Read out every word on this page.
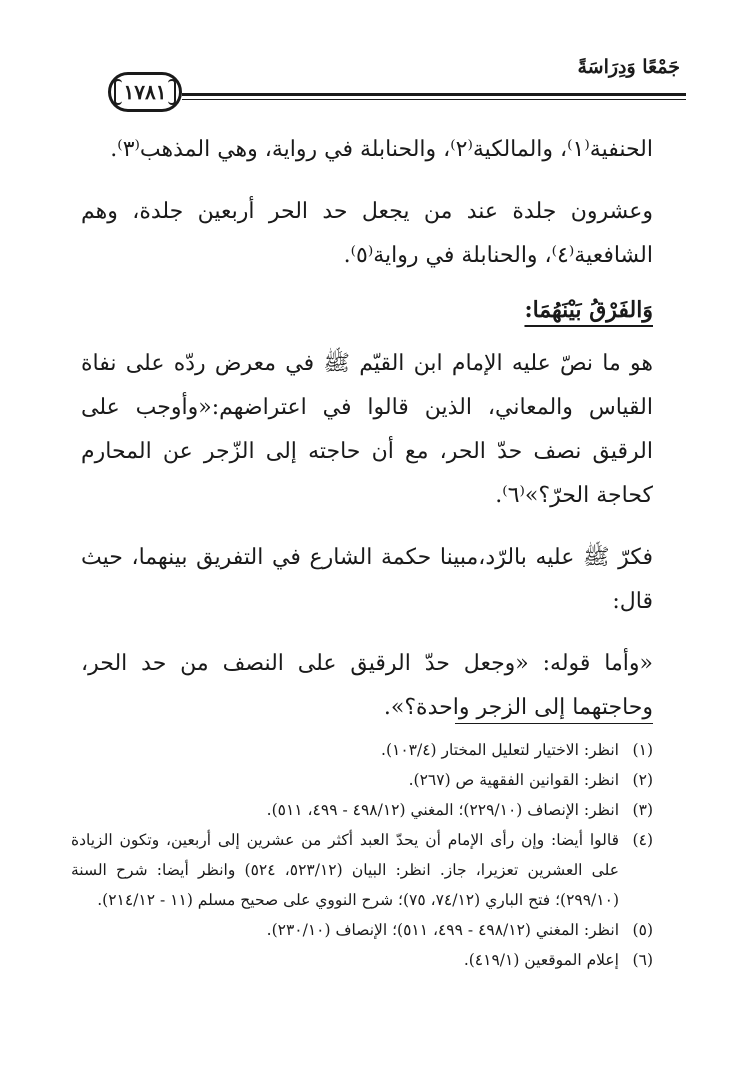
جَمْعًا وَدِرَاسَةً
١٧٨١

الحنفية⁽١⁾، والمالكية⁽٢⁾، والحنابلة في رواية، وهي المذهب⁽٣⁾.

وعشرون جلدة عند من يجعل حد الحر أربعين جلدة، وهم الشافعية⁽٤⁾، والحنابلة في رواية⁽٥⁾.

وَالفَرْقُ بَيْنَهُمَا:

هو ما نصّ عليه الإمام ابن القيّم ﷺ في معرض ردّه على نفاة القياس والمعاني، الذين قالوا في اعتراضهم:«وأوجب على الرقيق نصف حدّ الحر، مع أن حاجته إلى الزّجر عن المحارم كحاجة الحرّ؟»⁽٦⁾.

فكرّ ﷺ عليه بالرّد،مبينا حكمة الشارع في التفريق بينهما، حيث قال:

«وأما قوله: «وجعل حدّ الرقيق على النصف من حد الحر، وحاجتهما إلى الزجر واحدة؟».

(١)
انظر: الاختيار لتعليل المختار (١٠٣/٤).
(٢)
انظر: القوانين الفقهية ص (٢٦٧).
(٣)
انظر: الإنصاف (٢٢٩/١٠)؛ المغني (٤٩٨/١٢ - ٤٩٩، ٥١١).
(٤)
قالوا أيضا: وإن رأى الإمام أن يحدّ العبد أكثر من عشرين إلى أربعين، وتكون الزيادة على العشرين تعزيرا، جاز. انظر: البيان (٥٢٣/١٢، ٥٢٤) وانظر أيضا: شرح السنة (٢٩٩/١٠)؛ فتح الباري (٧٤/١٢، ٧٥)؛ شرح النووي على صحيح مسلم (١١ - ٢١٤/١٢).
(٥)
انظر: المغني (٤٩٨/١٢ - ٤٩٩، ٥١١)؛ الإنصاف (٢٣٠/١٠).
(٦)
إعلام الموقعين (٤١٩/١).
